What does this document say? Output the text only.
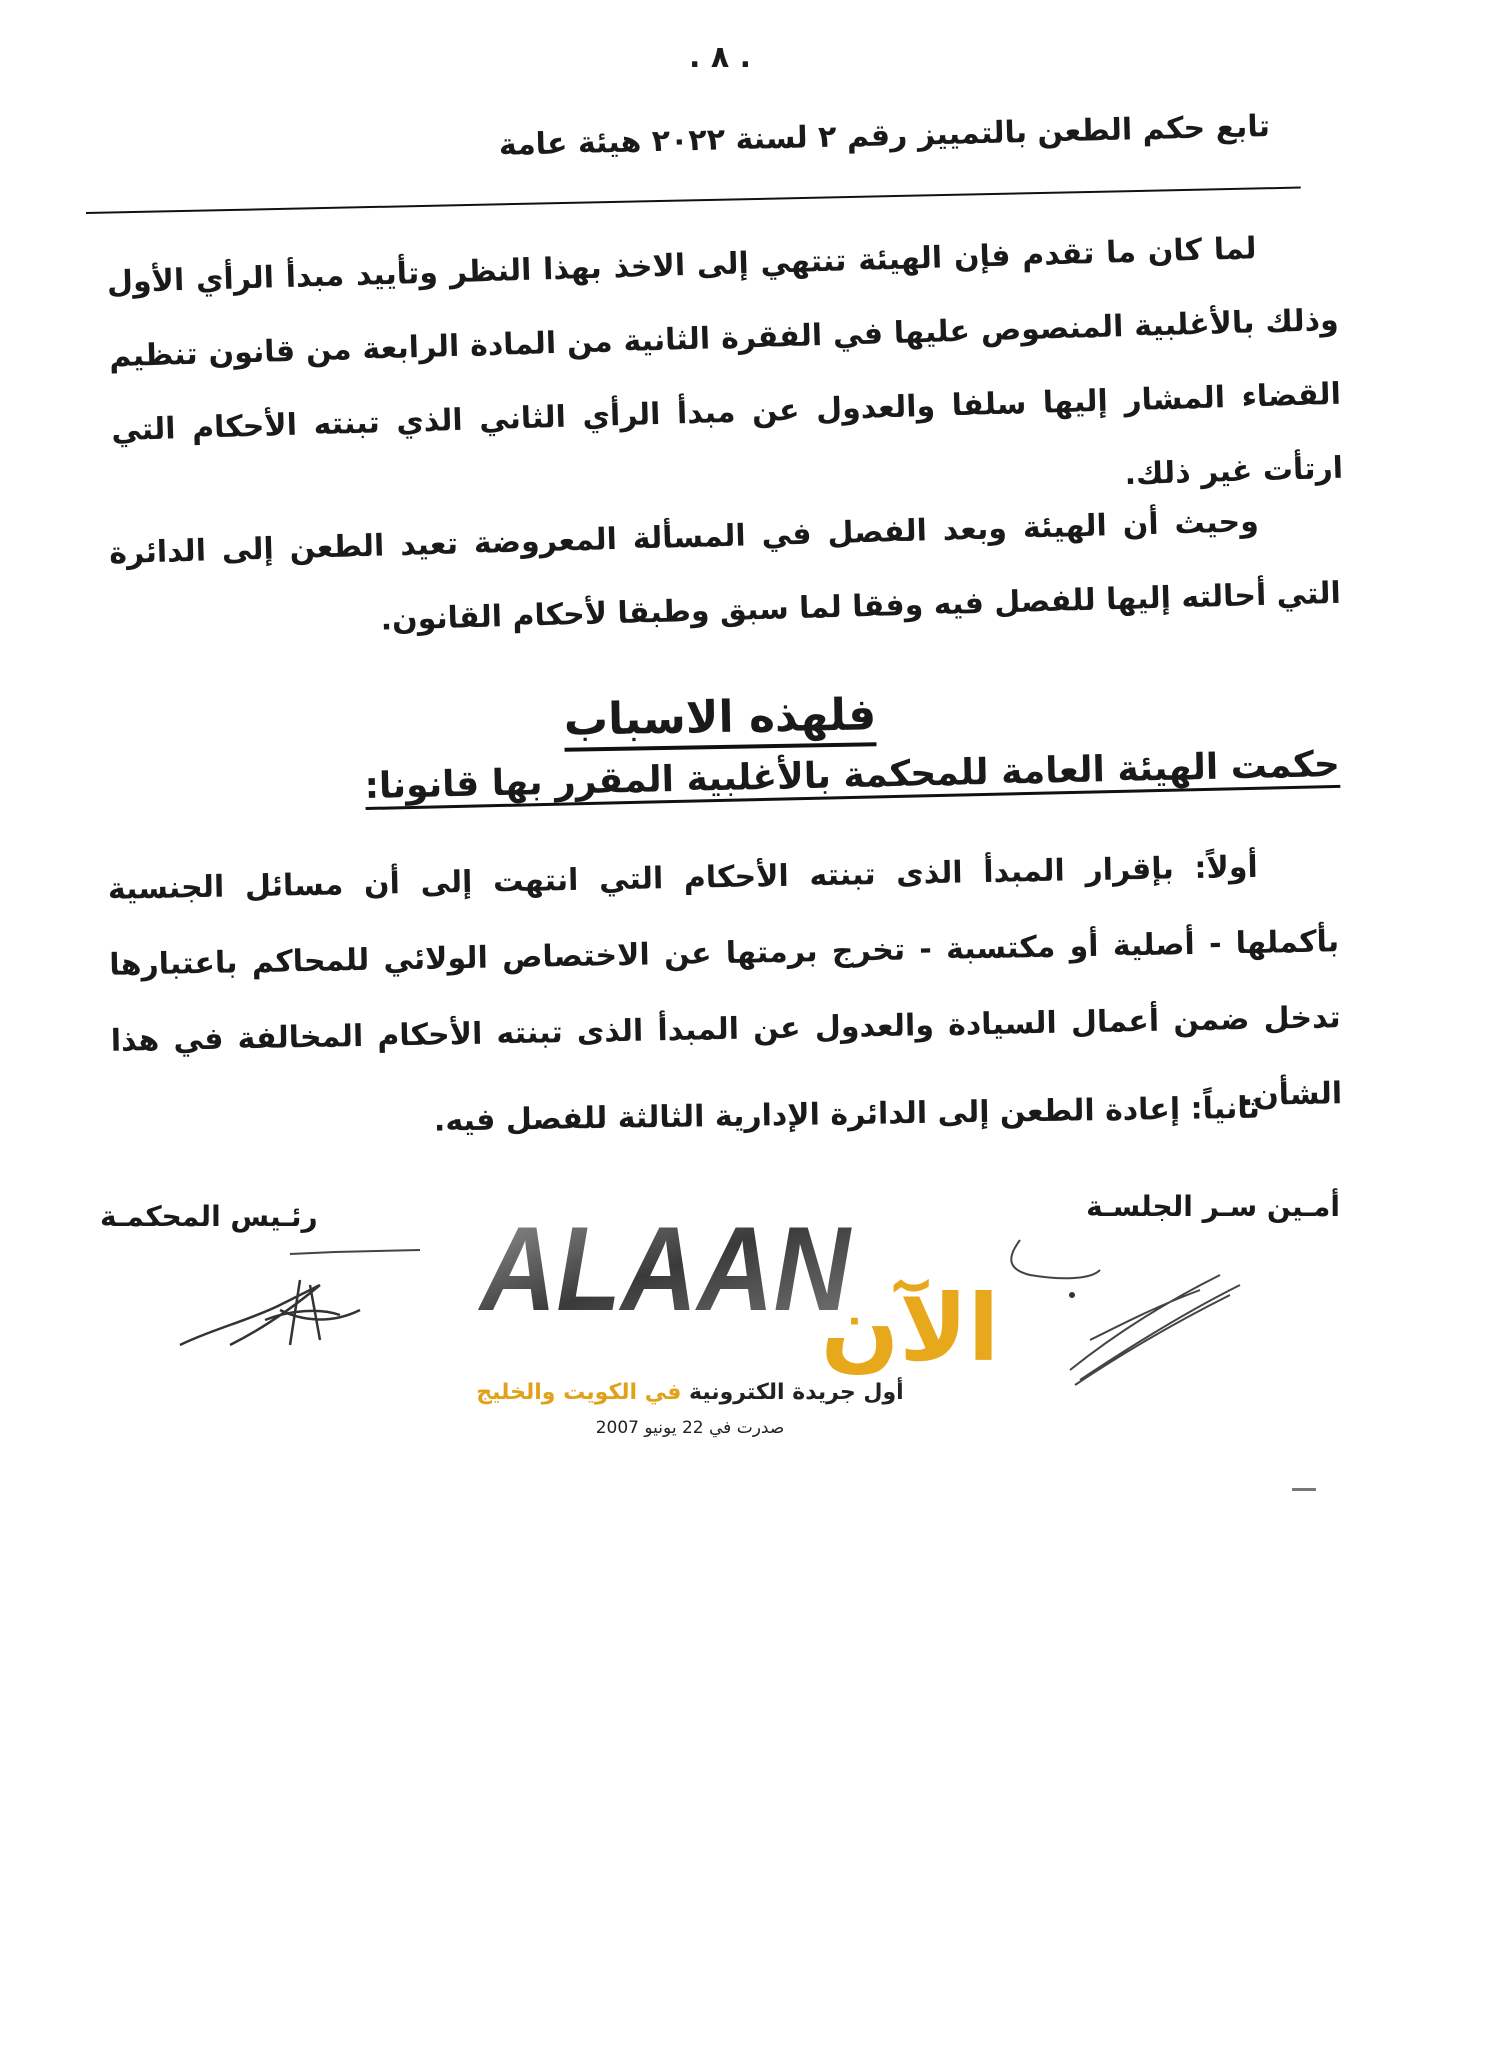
. ٨ .
تابع حكم الطعن بالتمييز رقم ٢ لسنة ٢٠٢٢ هيئة عامة
لما كان ما تقدم فإن الهيئة تنتهي إلى الاخذ بهذا النظر وتأييد مبدأ الرأي الأول وذلك بالأغلبية المنصوص عليها في الفقرة الثانية من المادة الرابعة من قانون تنظيم القضاء المشار إليها سلفا والعدول عن مبدأ الرأي الثاني الذي تبنته الأحكام التي ارتأت غير ذلك.
وحيث أن الهيئة وبعد الفصل في المسألة المعروضة تعيد الطعن إلى الدائرة التي أحالته إليها للفصل فيه وفقا لما سبق وطبقا لأحكام القانون.
فلهذه الاسباب
حكمت الهيئة العامة للمحكمة بالأغلبية المقرر بها قانونا:
أولاً: بإقرار المبدأ الذى تبنته الأحكام التي انتهت إلى أن مسائل الجنسية بأكملها - أصلية أو مكتسبة - تخرج برمتها عن الاختصاص الولائي للمحاكم باعتبارها تدخل ضمن أعمال السيادة والعدول عن المبدأ الذى تبنته الأحكام المخالفة في هذا الشأن.
ثانياً: إعادة الطعن إلى الدائرة الإدارية الثالثة للفصل فيه.
أمـين سـر الجلسـة
رئـيس المحكمـة ALAAN
الآن
أول جريدة الكترونية في الكويت والخليج
صدرت في 22 يونيو 2007
